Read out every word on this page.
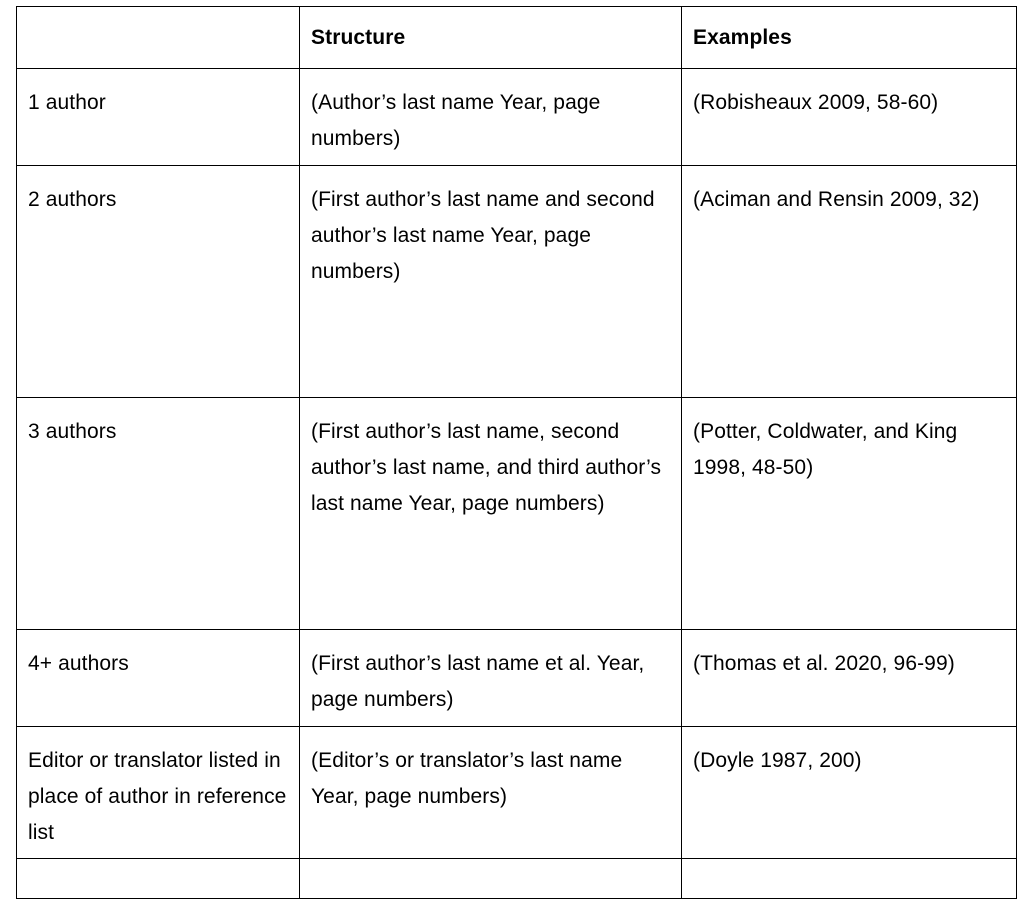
	Structure	Examples
1 author	(Author’s last name Year, page numbers)	(Robisheaux 2009, 58-60)
2 authors	(First author’s last name and second author’s last name Year, page numbers)	(Aciman and Rensin 2009, 32)
3 authors	(First author’s last name, second author’s last name, and third author’s last name Year, page numbers)	(Potter, Coldwater, and King 1998, 48-50)
4+ authors	(First author’s last name et al. Year, page numbers)	(Thomas et al. 2020, 96-99)
Editor or translator listed in place of author in reference list	(Editor’s or translator’s last name Year, page numbers)	(Doyle 1987, 200)
